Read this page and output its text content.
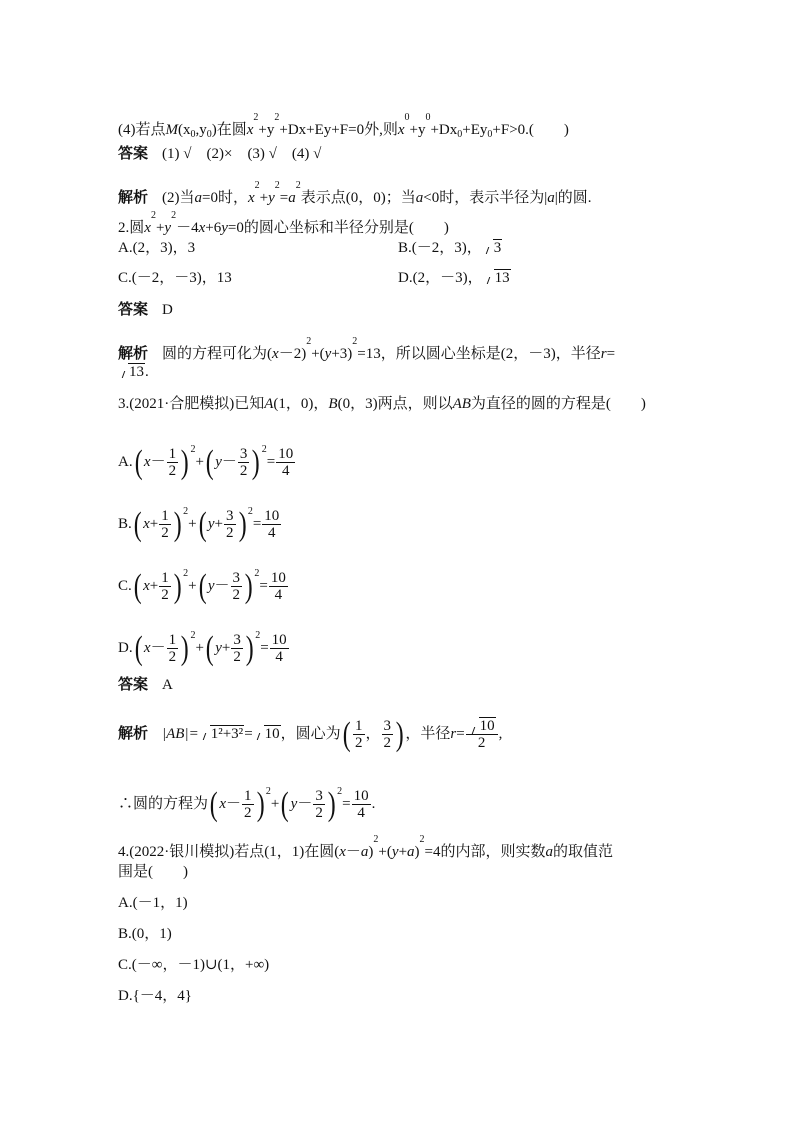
(4)若点$M(x_0,y_0)$在圆$x^2+y^2+Dx+Ey+F=0$外,则$x^0+y^0+Dx_0+Ey_0+F>0$.(　　)
答案 (1) √　(2)×　(3) √　(4) √
解析 (2)当a=0时，$x^2+y^2=a^2$表示点(0，0)；当a<0时，表示半径为|a|的圆.
2.圆$x^2+y^2-4x+6y=0$的圆心坐标和半径分别是(　　)
A.(2，3)，3	B.(－2，3)， 3
C.(－2，－3)，13	D.(2，－3)， 13
答案 D
解析 圆的方程可化为$(x-2)^2+(y+3)^2=13$，所以圆心坐标是(2，－3)，半径r=
13.
3.(2021·合肥模拟)已知A(1，0)，B(0，3)两点，则以AB为直径的圆的方程是(　　)
A.( $x- \frac{1}{2}$ ) $^2$+( $y- \frac{3}{2}$ ) $^2= \frac{10}{4}$
B.( $x+ \frac{1}{2}$ ) $^2$+( $y+ \frac{3}{2}$ ) $^2= \frac{10}{4}$
C.( $x+ \frac{1}{2}$ ) $^2$+( $y- \frac{3}{2}$ ) $^2= \frac{10}{4}$
D.( $x- \frac{1}{2}$ ) $^2$+( $y+ \frac{3}{2}$ ) $^2= \frac{10}{4}$
答案 A
解析 |AB|= 1²+3²= 10，圆心为( $\frac{1}{2}$ ， $\frac{3}{2}$ ) ，半径$r= \frac{10}{2}$ ,
∴圆的方程为( $x- \frac{1}{2}$ ) $^2$+( $y- \frac{3}{2}$ ) $^2= \frac{10}{4}$ .
4.(2022·银川模拟)若点(1，1)在圆$(x-a)^2+(y+a)^2=4$的内部，则实数a的取值范
围是(　　)
A.(－1，1)
B.(0，1)
C.(－∞，－1)∪(1，+∞)
D.{－4，4}
